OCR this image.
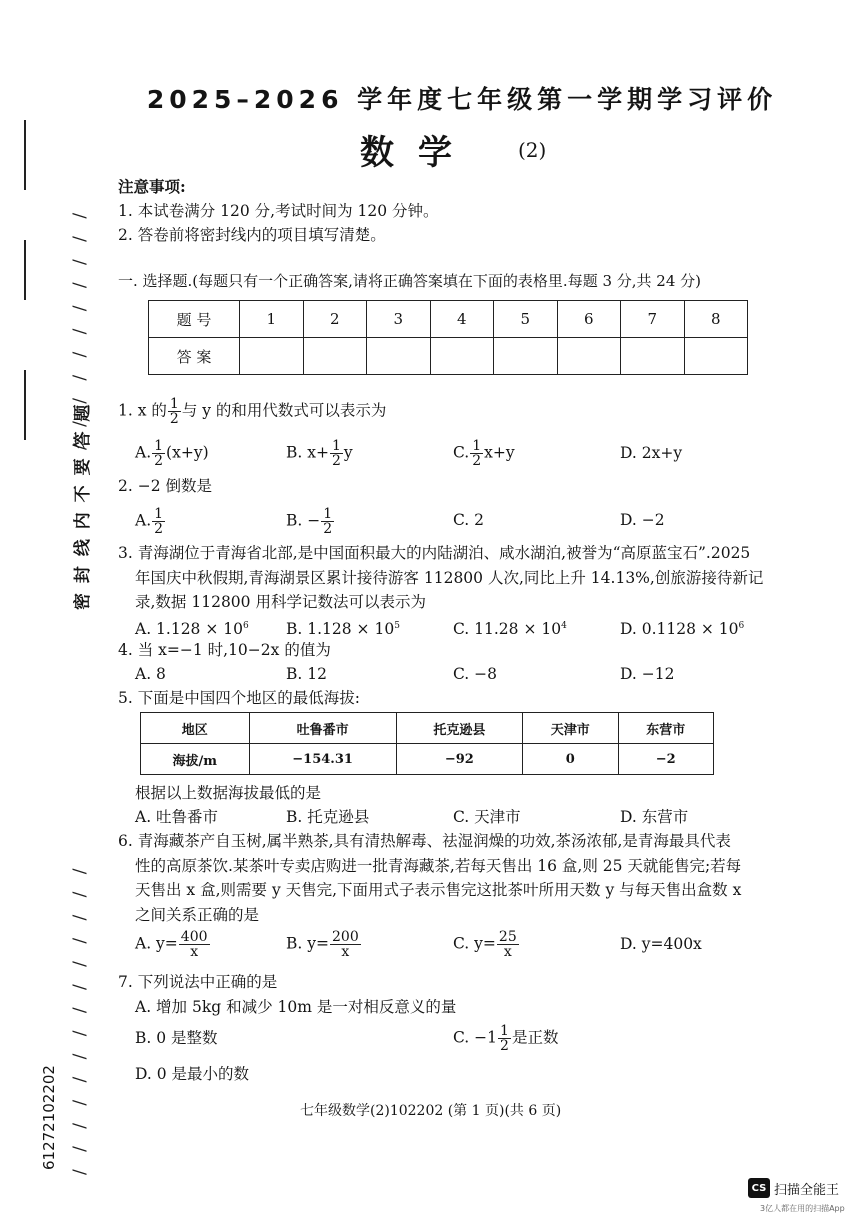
/ / / / / / / / / / /
密 封 线 内 不 要 答 题
/ / / / / / / / / / / / / /
61272102202
2025–2026 学年度七年级第一学期学习评价
数学 (2)
注意事项:
1. 本试卷满分 120 分,考试时间为 120 分钟。
2. 答卷前将密封线内的项目填写清楚。
一. 选择题.(每题只有一个正确答案,请将正确答案填在下面的表格里.每题 3 分,共 24 分)
题 号	1	2	3	4	5	6	7	8
答 案								
1. x 的 $\frac{1}{2}$ 与 y 的和用代数式可以表示为
A. $\frac{1}{2} (x+y)$	B. $x+ \frac{1}{2}$ y	C. $\frac{1}{2} x+y$	D. 2x+y
2. −2 倒数是
A. $\frac{1}{2}$	B. − $\frac{1}{2}$	C. 2	D. −2
3. 青海湖位于青海省北部,是中国面积最大的内陆湖泊、咸水湖泊,被誉为“高原蓝宝石”.2025
年国庆中秋假期,青海湖景区累计接待游客 112800 人次,同比上升 14.13%,创旅游接待新记
录,数据 112800 用科学记数法可以表示为
A. $1.128 \times 10^6$ B. $1.128 \times 10^5$	C. $11.28 \times 10^4$	D. $0.1128 \times 10^6$
4. 当 x=−1 时,10−2x 的值为
A. 8	B. 12	C. −8	D. −12
5. 下面是中国四个地区的最低海拔:
地区	吐鲁番市	托克逊县	天津市	东营市
海拔/m	−154.31	−92	0	−2
根据以上数据海拔最低的是
A. 吐鲁番市	B. 托克逊县	C. 天津市	D. 东营市
6. 青海藏茶产自玉树,属半熟茶,具有清热解毒、祛湿润燥的功效,茶汤浓郁,是青海最具代表
性的高原茶饮.某茶叶专卖店购进一批青海藏茶,若每天售出 16 盒,则 25 天就能售完;若每
天售出 x 盒,则需要 y 天售完,下面用式子表示售完这批茶叶所用天数 y 与每天售出盒数 x
之间关系正确的是
A. $y= \frac{400}{x}$	B. $y= \frac{200}{x}$	C. $y= \frac{25}{x}$	D. y=400x
7. 下列说法中正确的是
A. 增加 5kg 和减少 10m 是一对相反意义的量
B. 0 是整数	C. $-1 \frac{1}{2}$ 是正数
D. 0 是最小的数
七年级数学(2)102202 (第 1 页)(共 6 页)
CS 扫描全能王
3亿人都在用的扫描App
